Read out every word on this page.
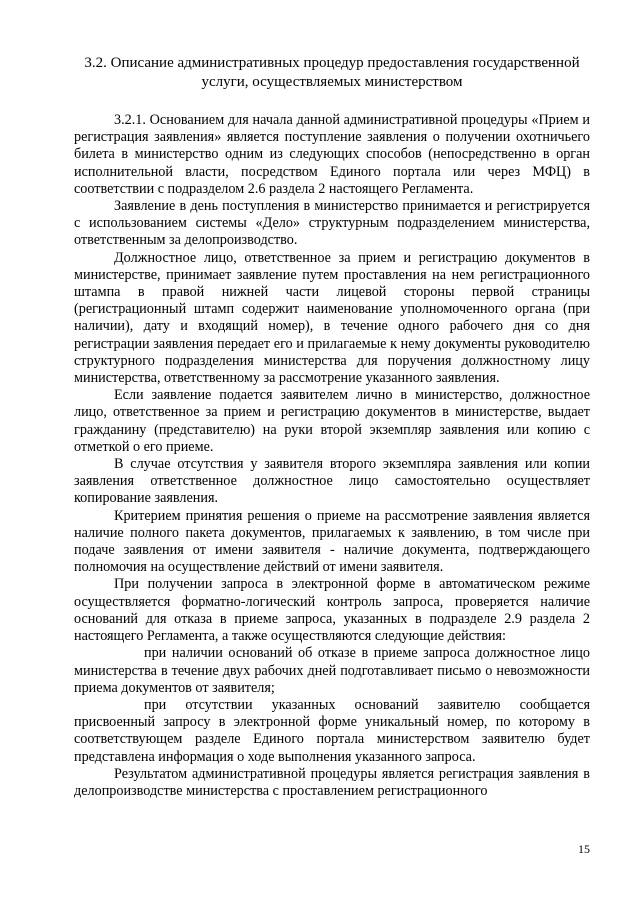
3.2. Описание административных процедур предоставления государственной
услуги, осуществляемых министерством

3.2.1. Основанием для начала данной административной процедуры «Прием и регистрация заявления» является поступление заявления о получении охотничьего билета в министерство одним из следующих способов (непосредственно в орган исполнительной власти, посредством Единого портала или через МФЦ) в соответствии с подразделом 2.6 раздела 2 настоящего Регламента.

Заявление в день поступления в министерство принимается и регистрируется с использованием системы «Дело» структурным подразделением министерства, ответственным за делопроизводство.

Должностное лицо, ответственное за прием и регистрацию документов в министерстве, принимает заявление путем проставления на нем регистрационного штампа в правой нижней части лицевой стороны первой страницы (регистрационный штамп содержит наименование уполномоченного органа (при наличии), дату и входящий номер), в течение одного рабочего дня со дня регистрации заявления передает его и прилагаемые к нему документы руководителю структурного подразделения министерства для поручения должностному лицу министерства, ответственному за рассмотрение указанного заявления.

Если заявление подается заявителем лично в министерство, должностное лицо, ответственное за прием и регистрацию документов в министерстве, выдает гражданину (представителю) на руки второй экземпляр заявления или копию с отметкой о его приеме.

В случае отсутствия у заявителя второго экземпляра заявления или копии заявления ответственное должностное лицо самостоятельно осуществляет копирование заявления.

Критерием принятия решения о приеме на рассмотрение заявления является наличие полного пакета документов, прилагаемых к заявлению, в том числе при подаче заявления от имени заявителя - наличие документа, подтверждающего полномочия на осуществление действий от имени заявителя.

При получении запроса в электронной форме в автоматическом режиме осуществляется форматно-логический контроль запроса, проверяется наличие оснований для отказа в приеме запроса, указанных в подразделе 2.9 раздела 2 настоящего Регламента, а также осуществляются следующие действия:

при наличии оснований об отказе в приеме запроса должностное лицо министерства в течение двух рабочих дней подготавливает письмо о невозможности приема документов от заявителя;

при отсутствии указанных оснований заявителю сообщается присвоенный запросу в электронной форме уникальный номер, по которому в соответствующем разделе Единого портала министерством заявителю будет представлена информация о ходе выполнения указанного запроса.

Результатом административной процедуры является регистрация заявления в делопроизводстве министерства с проставлением регистрационного

15
